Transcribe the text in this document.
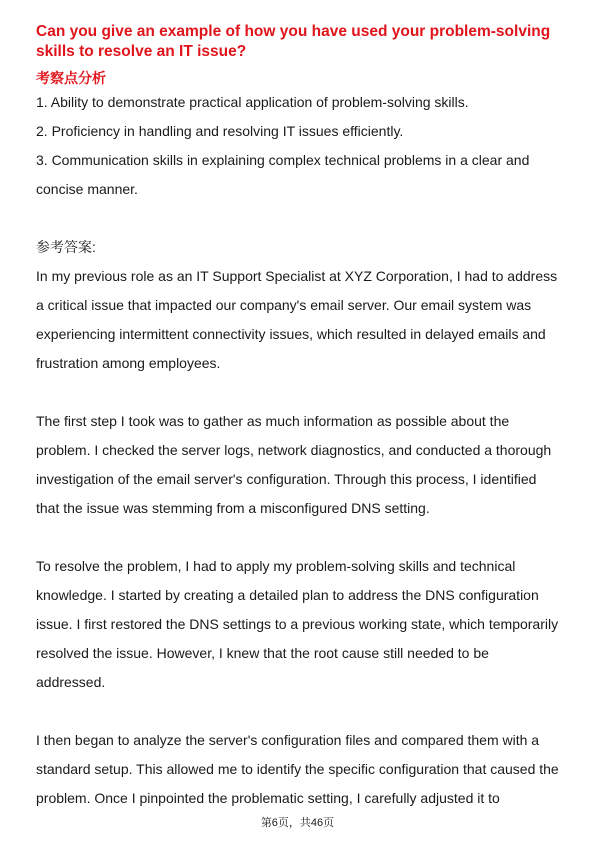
Can you give an example of how you have used your problem-solving skills to resolve an IT issue?
考察点分析

1. Ability to demonstrate practical application of problem-solving skills.

2. Proficiency in handling and resolving IT issues efficiently.

3. Communication skills in explaining complex technical problems in a clear and concise manner.

参考答案:

In my previous role as an IT Support Specialist at XYZ Corporation, I had to address a critical issue that impacted our company's email server. Our email system was experiencing intermittent connectivity issues, which resulted in delayed emails and frustration among employees.

The first step I took was to gather as much information as possible about the problem. I checked the server logs, network diagnostics, and conducted a thorough investigation of the email server's configuration. Through this process, I identified that the issue was stemming from a misconfigured DNS setting.

To resolve the problem, I had to apply my problem-solving skills and technical knowledge. I started by creating a detailed plan to address the DNS configuration issue. I first restored the DNS settings to a previous working state, which temporarily resolved the issue. However, I knew that the root cause still needed to be addressed.

I then began to analyze the server's configuration files and compared them with a standard setup. This allowed me to identify the specific configuration that caused the problem. Once I pinpointed the problematic setting, I carefully adjusted it to

第6页，共46页
